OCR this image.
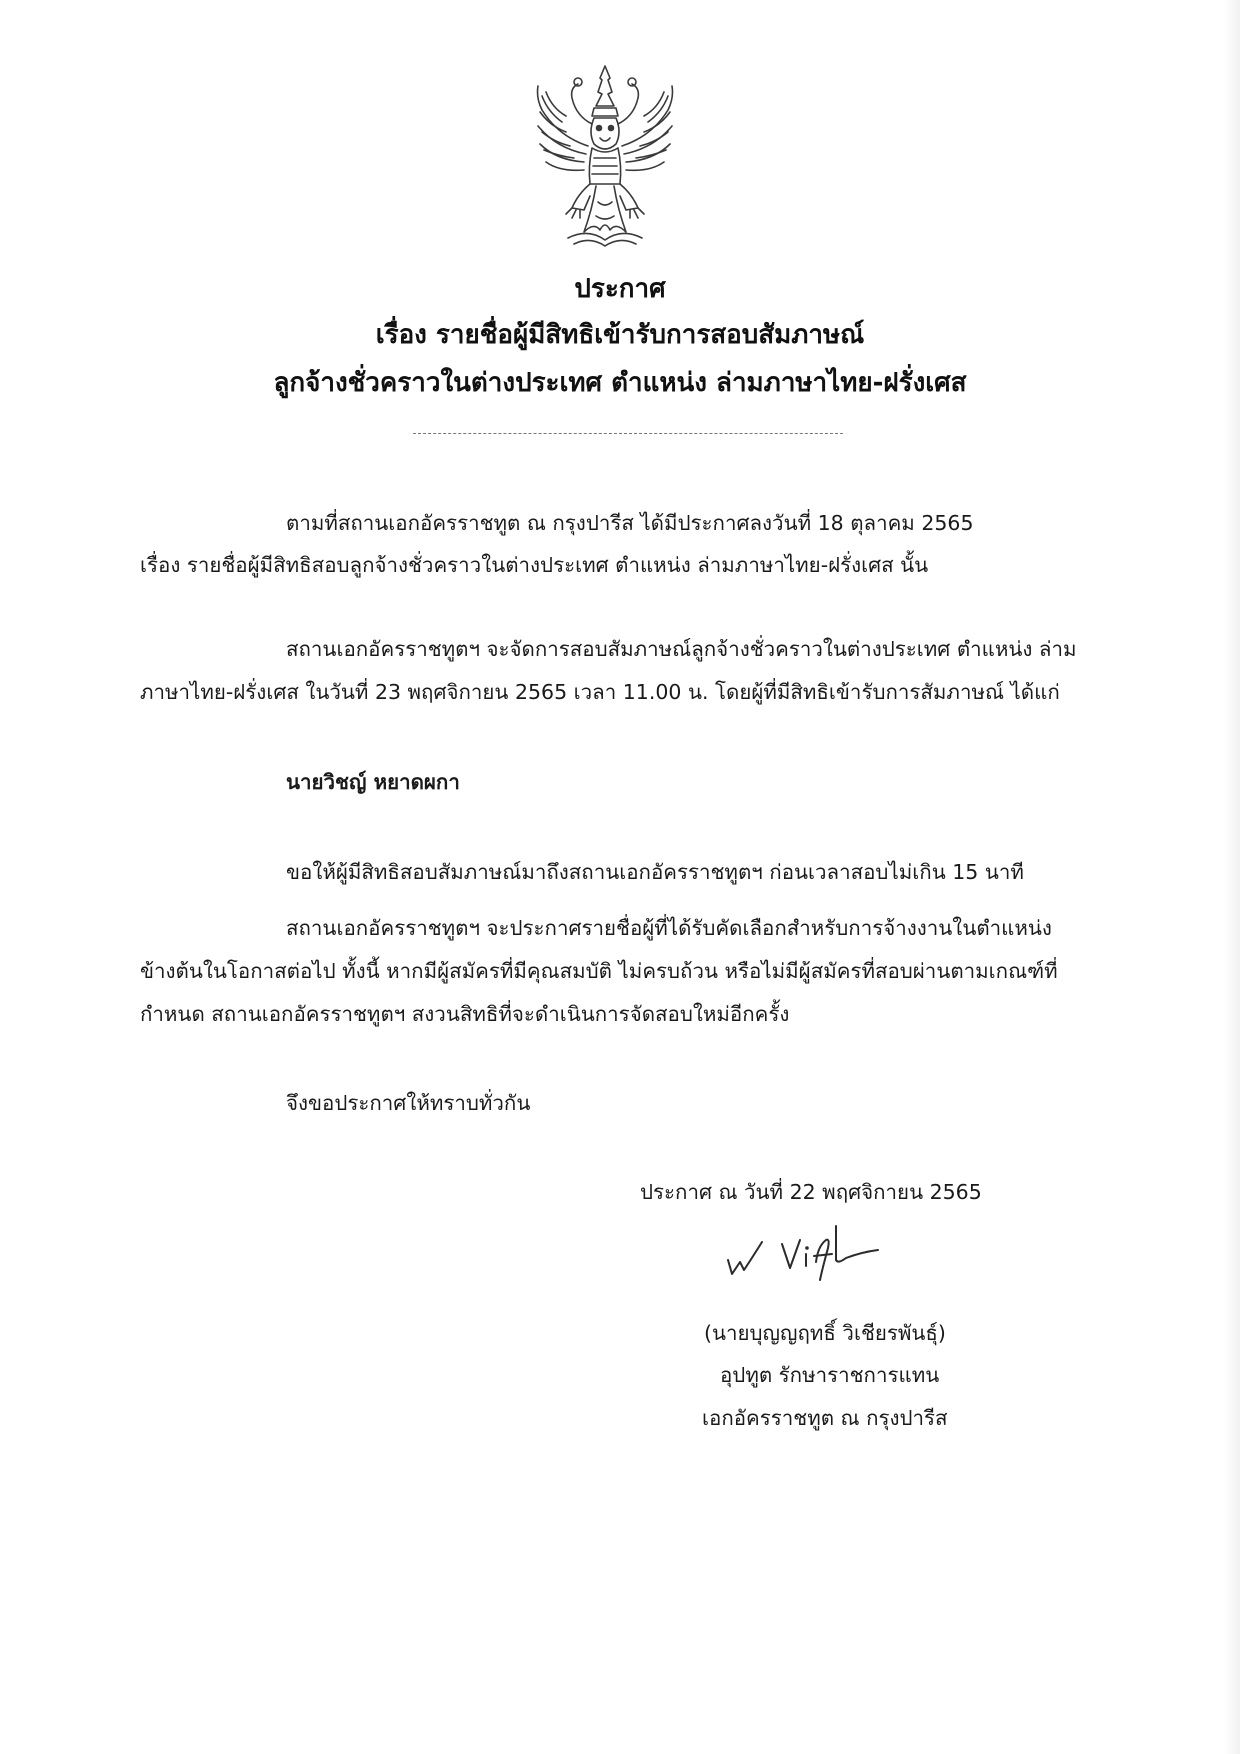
ประกาศ
เรื่อง รายชื่อผู้มีสิทธิเข้ารับการสอบสัมภาษณ์
ลูกจ้างชั่วคราวในต่างประเทศ ตำแหน่ง ล่ามภาษาไทย-ฝรั่งเศส
ตามที่สถานเอกอัครราชทูต ณ กรุงปารีส ได้มีประกาศลงวันที่ 18 ตุลาคม 2565
เรื่อง รายชื่อผู้มีสิทธิสอบลูกจ้างชั่วคราวในต่างประเทศ ตำแหน่ง ล่ามภาษาไทย-ฝรั่งเศส นั้น
สถานเอกอัครราชทูตฯ จะจัดการสอบสัมภาษณ์ลูกจ้างชั่วคราวในต่างประเทศ ตำแหน่ง ล่าม
ภาษาไทย-ฝรั่งเศส ในวันที่ 23 พฤศจิกายน 2565 เวลา 11.00 น. โดยผู้ที่มีสิทธิเข้ารับการสัมภาษณ์ ได้แก่
นายวิชญ์ หยาดผกา
ขอให้ผู้มีสิทธิสอบสัมภาษณ์มาถึงสถานเอกอัครราชทูตฯ ก่อนเวลาสอบไม่เกิน 15 นาที
สถานเอกอัครราชทูตฯ จะประกาศรายชื่อผู้ที่ได้รับคัดเลือกสำหรับการจ้างงานในตำแหน่ง
ข้างต้นในโอกาสต่อไป ทั้งนี้ หากมีผู้สมัครที่มีคุณสมบัติ ไม่ครบถ้วน หรือไม่มีผู้สมัครที่สอบผ่านตามเกณฑ์ที่
กำหนด สถานเอกอัครราชทูตฯ สงวนสิทธิที่จะดำเนินการจัดสอบใหม่อีกครั้ง
จึงขอประกาศให้ทราบทั่วกัน
ประกาศ ณ วันที่ 22 พฤศจิกายน 2565
(นายบุญญฤทธิ์ วิเชียรพันธุ์)
อุปทูต รักษาราชการแทน
เอกอัครราชทูต ณ กรุงปารีส
